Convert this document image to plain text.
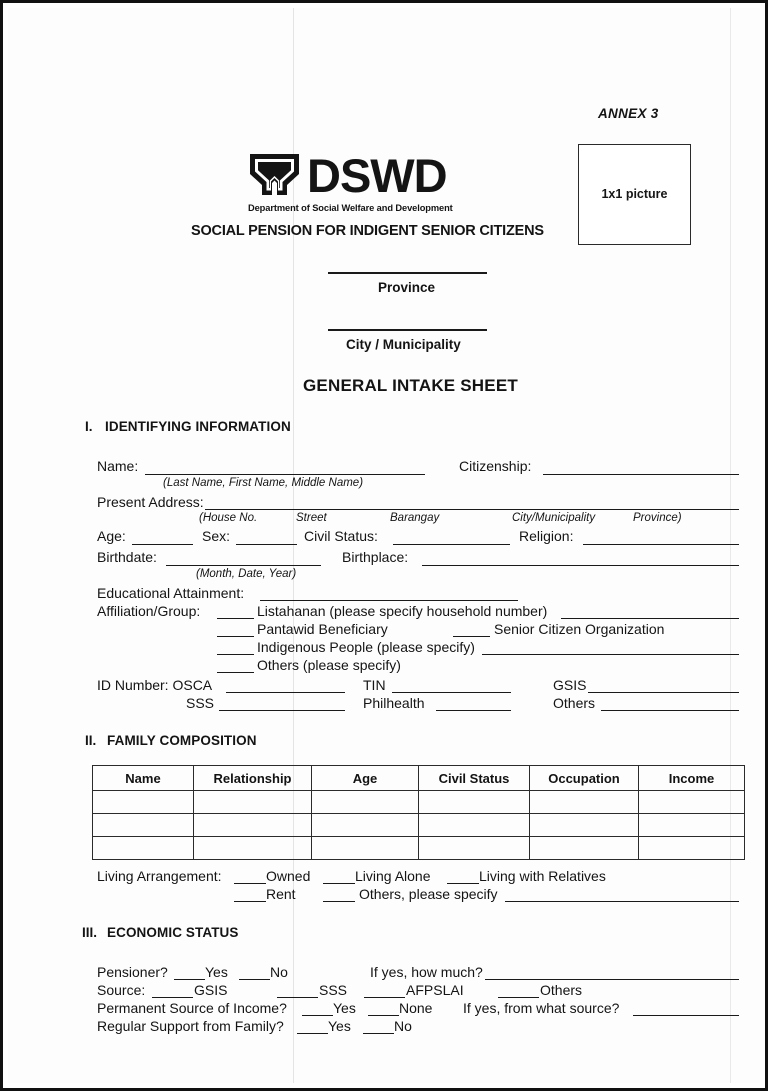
ANNEX 3
1x1 picture
DSWD
Department of Social Welfare and Development
SOCIAL PENSION FOR INDIGENT SENIOR CITIZENS
Province
City / Municipality
GENERAL INTAKE SHEET
I. IDENTIFYING INFORMATION
Name:
(Last Name, First Name, Middle Name)
Citizenship:
Present Address:
(House No.	Street	Barangay	City/Municipality	Province)
Age:	Sex:	Civil Status:	Religion:
Birthdate:
(Month, Date, Year)
Birthplace:
Educational Attainment:
Affiliation/Group:	Listahanan (please specify household number)
Pantawid Beneficiary	Senior Citizen Organization
Indigenous People (please specify)
Others (please specify)
ID Number: OSCA	TIN	GSIS
SSS	Philhealth	Others
II. FAMILY COMPOSITION
Name	Relationship	Age	Civil Status	Occupation	Income

Living Arrangement:	Owned	Living Alone	Living with Relatives
Rent	Others, please specify
III. ECONOMIC STATUS
Pensioner?	Yes	No	If yes, how much?
Source:	GSIS	SSS	AFPSLAI	Others
Permanent Source of Income?	Yes	None If yes, from what source?
Regular Support from Family?	Yes	No
